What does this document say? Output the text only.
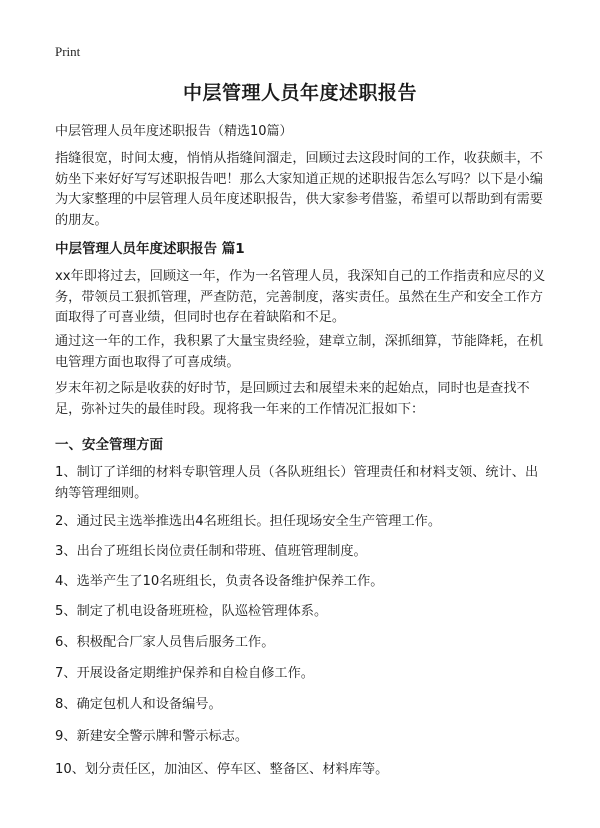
Print
中层管理人员年度述职报告
中层管理人员年度述职报告（精选10篇）
指缝很宽，时间太瘦，悄悄从指缝间溜走，回顾过去这段时间的工作，收获颇丰，不妨坐下来好好写写述职报告吧！那么大家知道正规的述职报告怎么写吗？以下是小编为大家整理的中层管理人员年度述职报告，供大家参考借鉴，希望可以帮助到有需要的朋友。
中层管理人员年度述职报告 篇1
xx年即将过去，回顾这一年，作为一名管理人员，我深知自己的工作指责和应尽的义务，带领员工狠抓管理，严查防范，完善制度，落实责任。虽然在生产和安全工作方面取得了可喜业绩，但同时也存在着缺陷和不足。
通过这一年的工作，我积累了大量宝贵经验，建章立制，深抓细算，节能降耗，在机电管理方面也取得了可喜成绩。
岁末年初之际是收获的好时节，是回顾过去和展望未来的起始点，同时也是查找不足，弥补过失的最佳时段。现将我一年来的工作情况汇报如下：
一、安全管理方面
1、制订了详细的材料专职管理人员（各队班组长）管理责任和材料支领、统计、出纳等管理细则。
2、通过民主选举推选出4名班组长。担任现场安全生产管理工作。
3、出台了班组长岗位责任制和带班、值班管理制度。
4、选举产生了10名班组长，负责各设备维护保养工作。
5、制定了机电设备班班检，队巡检管理体系。
6、积极配合厂家人员售后服务工作。
7、开展设备定期维护保养和自检自修工作。
8、确定包机人和设备编号。
9、新建安全警示牌和警示标志。
10、划分责任区，加油区、停车区、整备区、材料库等。
